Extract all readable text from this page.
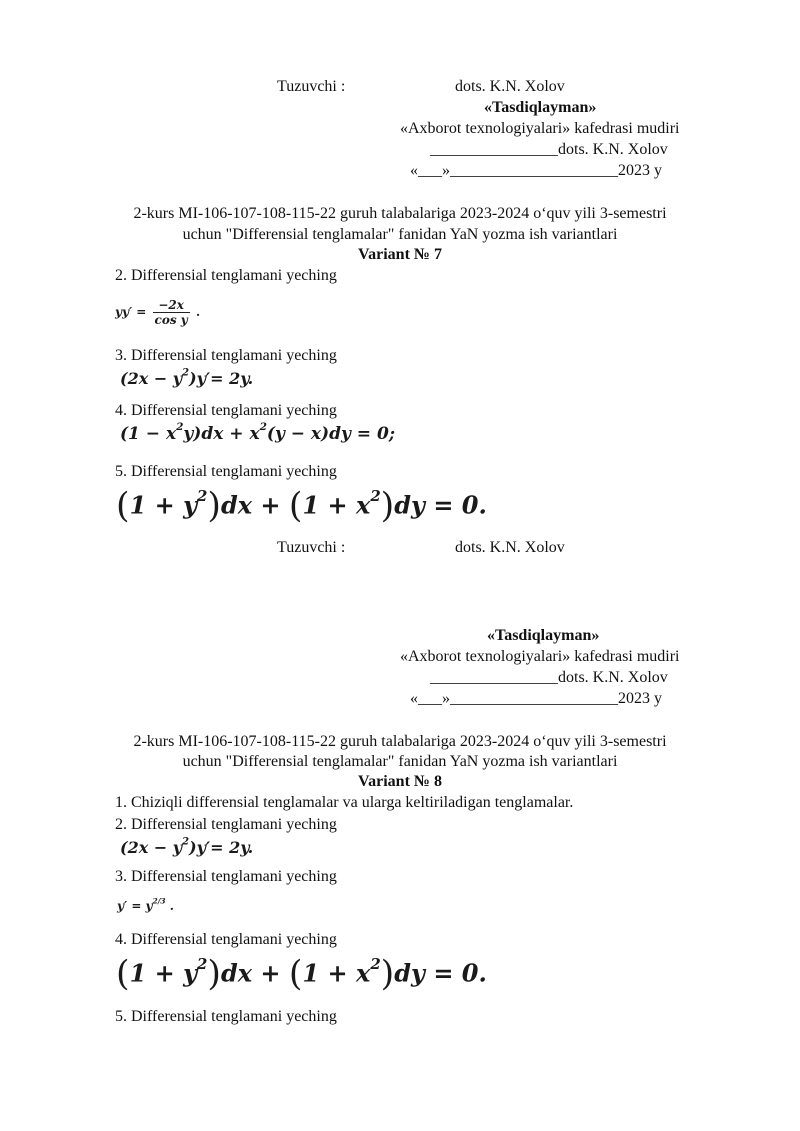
Tuzuvchi :	dots. K.N. Xolov
«Tasdiqlayman»
«Axborot texnologiyalari» kafedrasi mudiri
________________dots. K.N. Xolov
«___»_____________________2023 y
2-kurs MI-106-107-108-115-22 guruh talabalariga 2023-2024 o‘quv yili 3-semestri
uchun "Differensial tenglamalar" fanidan YaN yozma ish variantlari
Variant № 7
2. Differensial tenglamani yeching
$yy' = \frac{-2x}{\text{cos y}}$ .
3. Differensial tenglamani yeching
$(2x - y^2)y'= 2y$.
4. Differensial tenglamani yeching
$(1 - x^2y)dx + x^2(y - x)dy = 0$;
5. Differensial tenglamani yeching
$(1 + y^2)dx + (1 + x^2)dy = 0$.
Tuzuvchi :	dots. K.N. Xolov
«Tasdiqlayman»
«Axborot texnologiyalari» kafedrasi mudiri
________________dots. K.N. Xolov
«___»_____________________2023 y
2-kurs MI-106-107-108-115-22 guruh talabalariga 2023-2024 o‘quv yili 3-semestri
uchun "Differensial tenglamalar" fanidan YaN yozma ish variantlari
Variant № 8
1. Chiziqli differensial tenglamalar va ularga keltiriladigan tenglamalar.
2. Differensial tenglamani yeching
$(2x - y^2)y'= 2y$.
3. Differensial tenglamani yeching
$y' = y^{2/3}$ .
4. Differensial tenglamani yeching
$(1 + y^2)dx + (1 + x^2)dy = 0$.
5. Differensial tenglamani yeching
